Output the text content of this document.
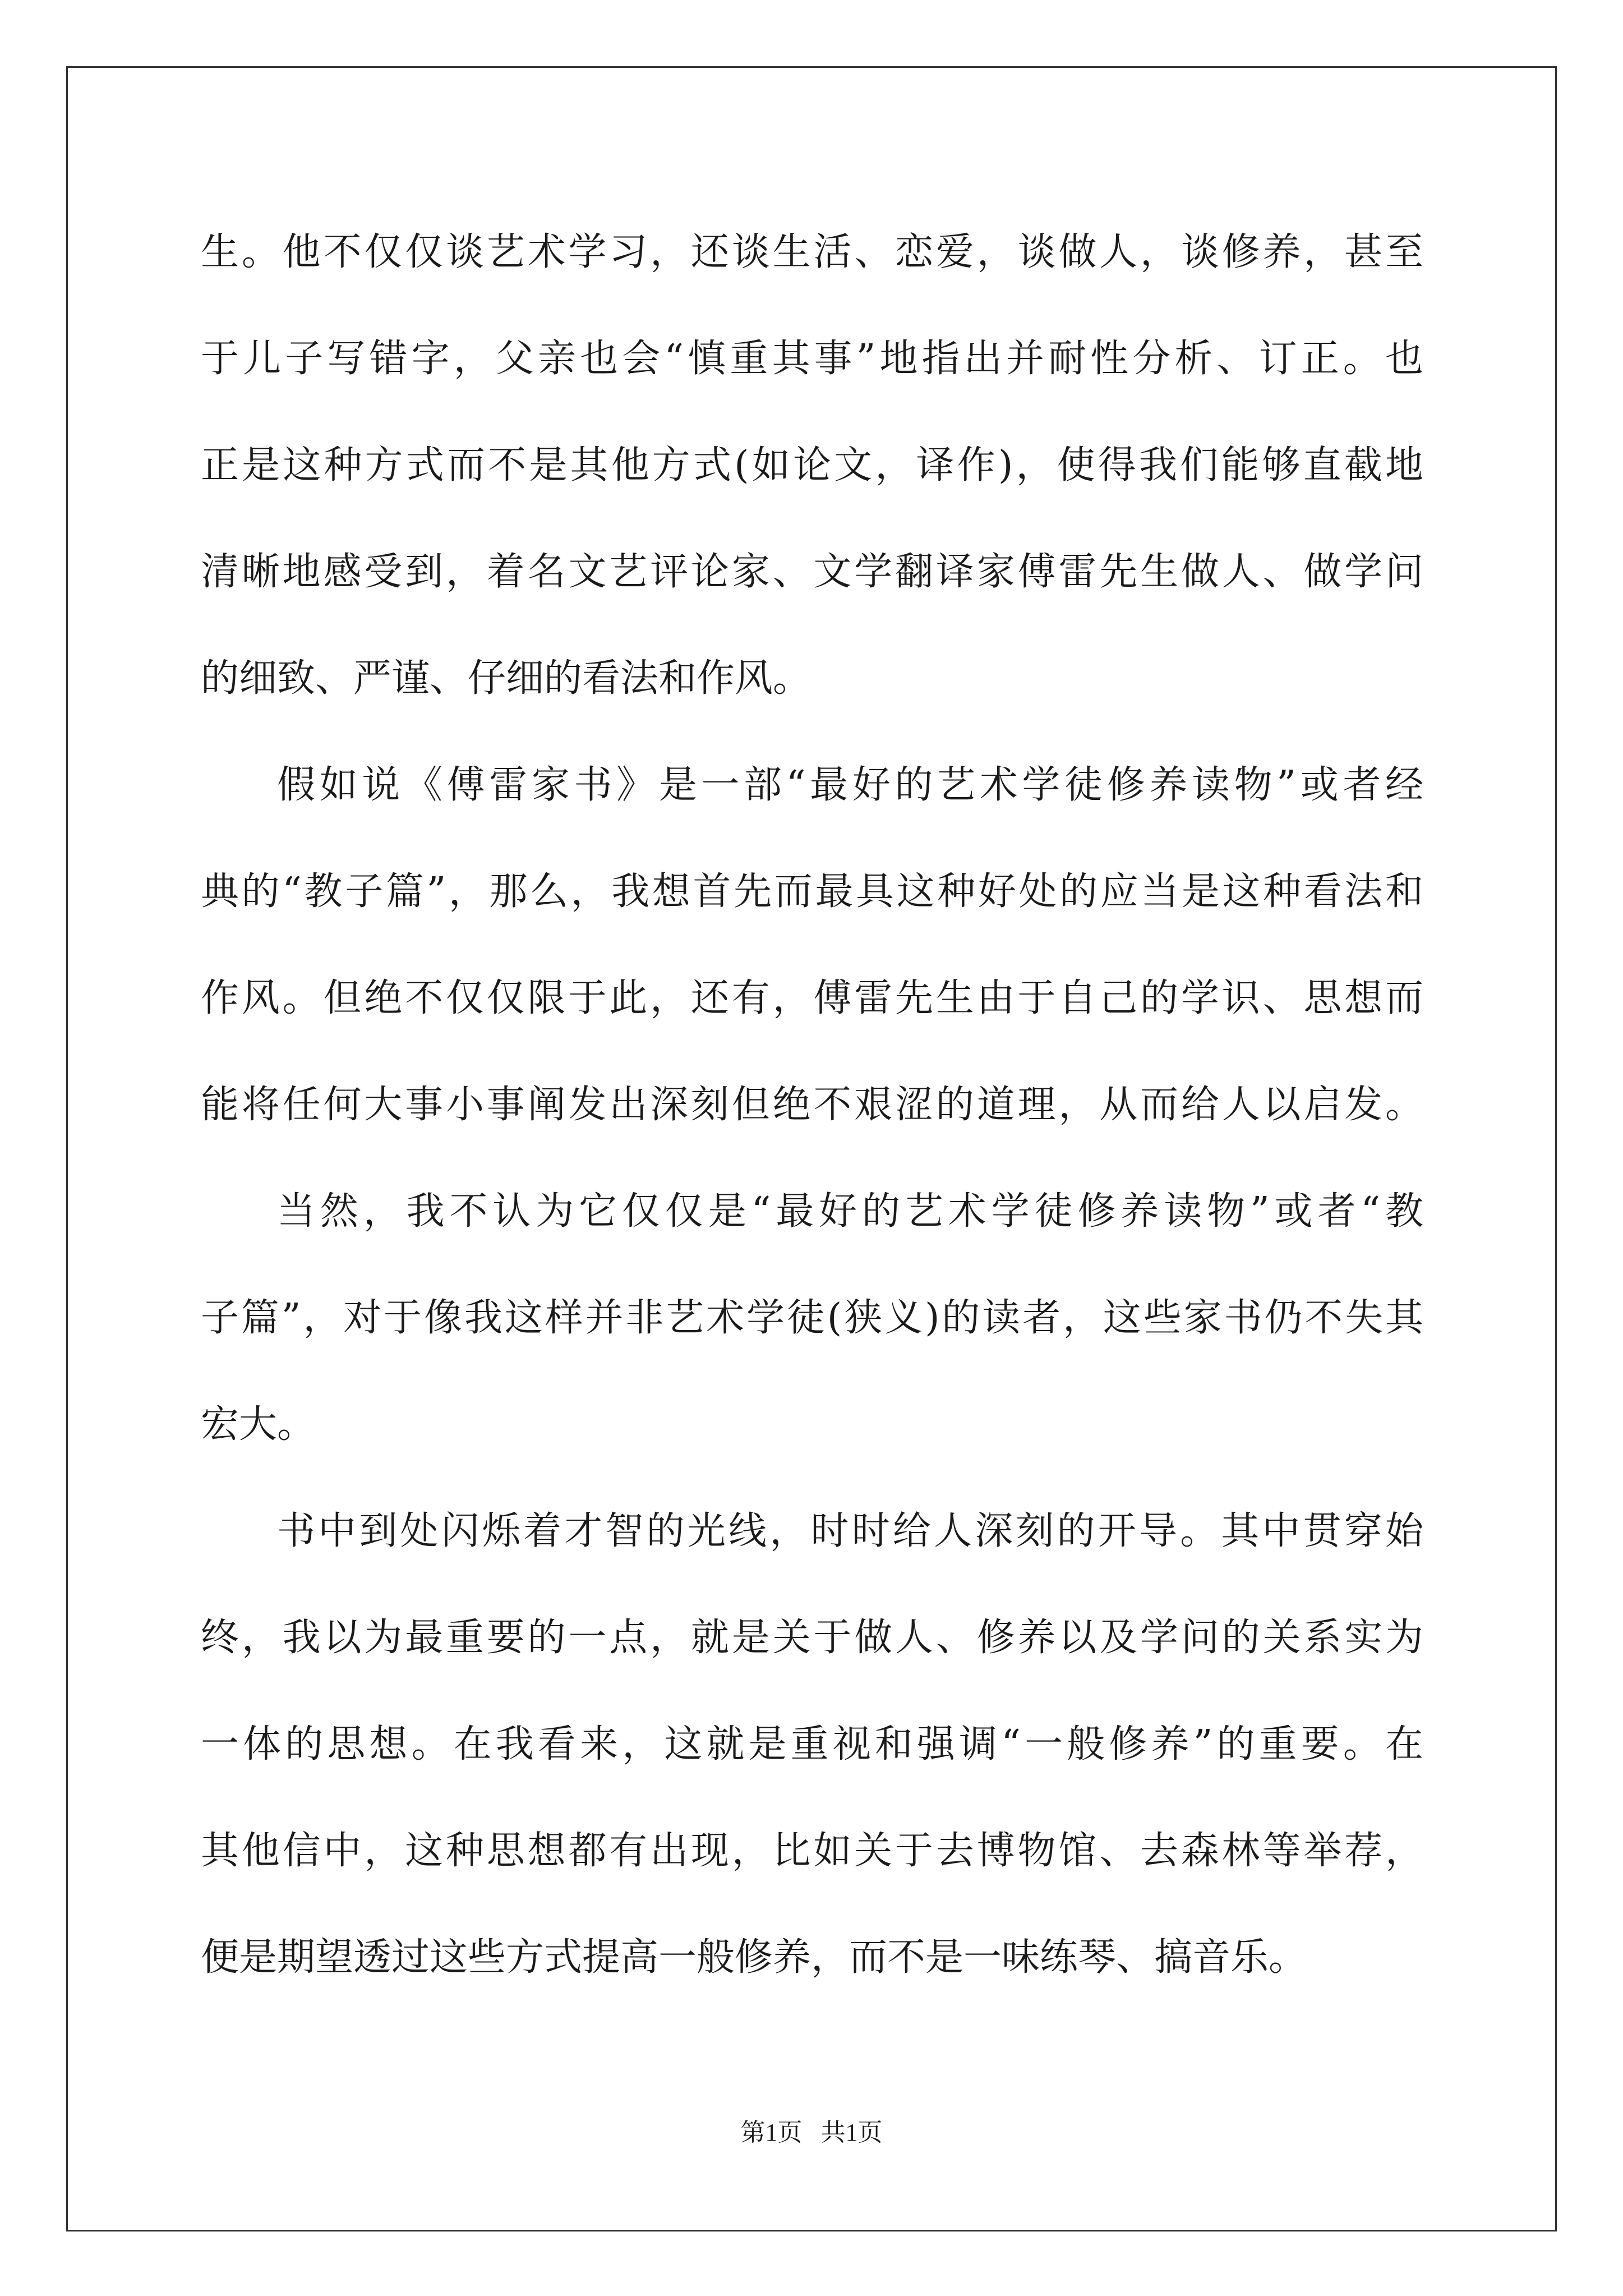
生。他不仅仅谈艺术学习，还谈生活、恋爱，谈做人，谈修养，甚至
于儿子写错字，父亲也会“慎重其事”地指出并耐性分析、订正。也
正是这种方式而不是其他方式(如论文，译作)，使得我们能够直截地
清晰地感受到，着名文艺评论家、文学翻译家傅雷先生做人、做学问
的细致、严谨、仔细的看法和作风。
假如说《傅雷家书》是一部“最好的艺术学徒修养读物”或者经
典的“教子篇”，那么，我想首先而最具这种好处的应当是这种看法和
作风。但绝不仅仅限于此，还有，傅雷先生由于自己的学识、思想而
能将任何大事小事阐发出深刻但绝不艰涩的道理，从而给人以启发。
当然，我不认为它仅仅是“最好的艺术学徒修养读物”或者“教
子篇”，对于像我这样并非艺术学徒(狭义)的读者，这些家书仍不失其
宏大。
书中到处闪烁着才智的光线，时时给人深刻的开导。其中贯穿始
终，我以为最重要的一点，就是关于做人、修养以及学问的关系实为
一体的思想。在我看来，这就是重视和强调“一般修养”的重要。在
其他信中，这种思想都有出现，比如关于去博物馆、去森林等举荐，
便是期望透过这些方式提高一般修养，而不是一味练琴、搞音乐。
第1页   共1页
